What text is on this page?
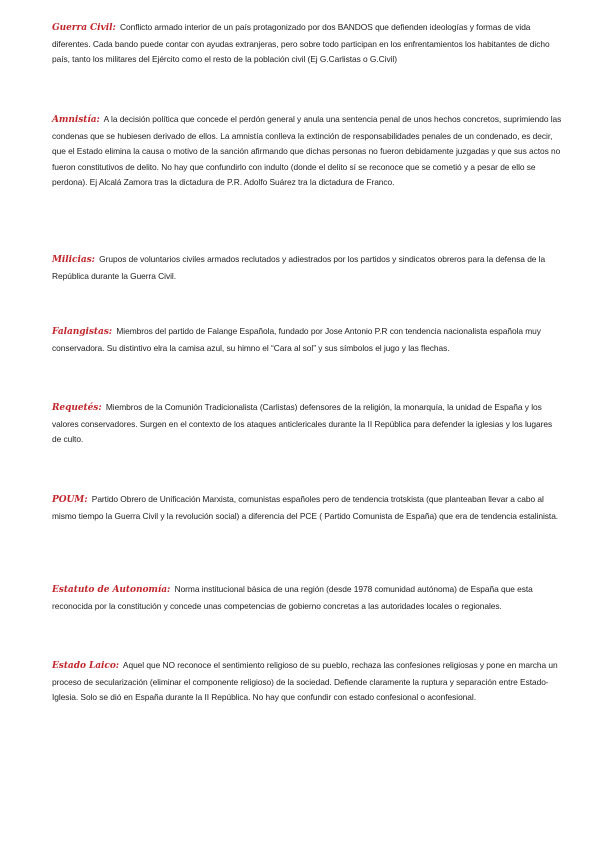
Guerra Civil: Conflicto armado interior de un país protagonizado por dos BANDOS que defienden ideologías y formas de vida diferentes. Cada bando puede contar con ayudas extranjeras, pero sobre todo participan en los enfrentamientos los habitantes de dicho país, tanto los militares del Ejército como el resto de la población civil (Ej G.Carlistas o G.Civil)

Amnistía: A la decisión política que concede el perdón general y anula una sentencia penal de unos hechos concretos, suprimiendo las condenas que se hubiesen derivado de ellos. La amnistía conlleva la extinción de responsabilidades penales de un condenado, es decir, que el Estado elimina la causa o motivo de la sanción afirmando que dichas personas no fueron debidamente juzgadas y que sus actos no fueron constitutivos de delito. No hay que confundirlo con indulto (donde el delito sí se reconoce que se cometió y a pesar de ello se perdona). Ej Alcalá Zamora tras la dictadura de P.R. Adolfo Suárez tra la dictadura de Franco.

Milicias: Grupos de voluntarios civiles armados reclutados y adiestrados por los partidos y sindicatos obreros para la defensa de la República durante la Guerra Civil.

Falangistas: Miembros del partido de Falange Española, fundado por Jose Antonio P.R con tendencia nacionalista española muy conservadora. Su distintivo elra la camisa azul, su himno el “Cara al sol” y sus símbolos el jugo y las flechas.

Requetés: Miembros de la Comunión Tradicionalista (Carlistas) defensores de la religión, la monarquía, la unidad de España y los valores conservadores. Surgen en el contexto de los ataques anticlericales durante la II República para defender la iglesias y los lugares de culto.

POUM: Partido Obrero de Unificación Marxista, comunistas españoles pero de tendencia trotskista (que planteaban llevar a cabo al mismo tiempo la Guerra Civil y la revolución social) a diferencia del PCE ( Partido Comunista de España) que era de tendencia estalinista.

Estatuto de Autonomía: Norma institucional básica de una región (desde 1978 comunidad autónoma) de España que esta reconocida por la constitución y concede unas competencias de gobierno concretas a las autoridades locales o regionales.

Estado Laico: Aquel que NO reconoce el sentimiento religioso de su pueblo, rechaza las confesiones religiosas y pone en marcha un proceso de secularización (eliminar el componente religioso) de la sociedad. Defiende claramente la ruptura y separación entre Estado-Iglesia. Solo se dió en España durante la II República. No hay que confundir con estado confesional o aconfesional.
